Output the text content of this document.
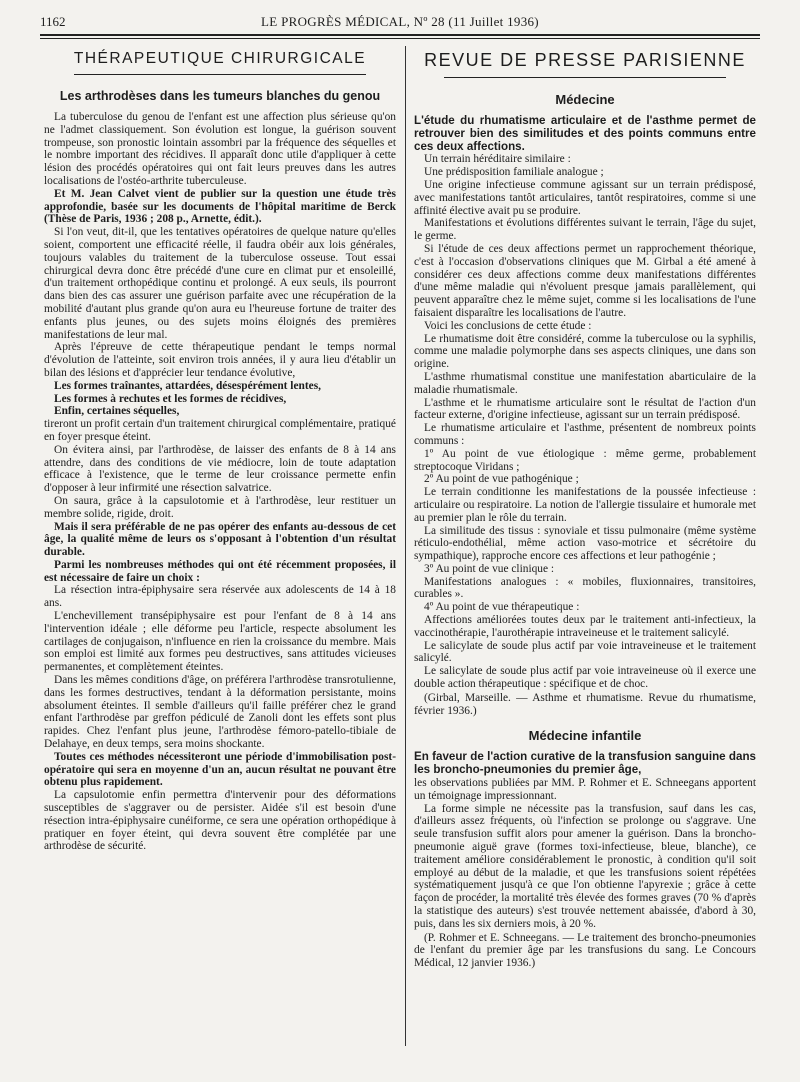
1162	LE PROGRÈS MÉDICAL, Nº 28 (11 Juillet 1936)
THÉRAPEUTIQUE CHIRURGICALE
Les arthrodèses dans les tumeurs blanches du genou

La tuberculose du genou de l'enfant est une affection plus sérieuse qu'on ne l'admet classiquement. Son évolution est longue, la guérison souvent trompeuse, son pronostic lointain assombri par la fréquence des séquelles et le nombre important des récidives. Il apparaît donc utile d'appliquer à cette lésion des procédés opératoires qui ont fait leurs preuves dans les autres localisations de l'ostéo-arthrite tuberculeuse.

Et M. Jean Calvet vient de publier sur la question une étude très approfondie, basée sur les documents de l'hôpital maritime de Berck (Thèse de Paris, 1936 ; 208 p., Arnette, édit.).

Si l'on veut, dit-il, que les tentatives opératoires de quelque nature qu'elles soient, comportent une efficacité réelle, il faudra obéir aux lois générales, toujours valables du traitement de la tuberculose osseuse. Tout essai chirurgical devra donc être précédé d'une cure en climat pur et ensoleillé, d'un traitement orthopédique continu et prolongé. A eux seuls, ils pourront dans bien des cas assurer une guérison parfaite avec une récupération de la mobilité d'autant plus grande qu'on aura eu l'heureuse fortune de traiter des enfants plus jeunes, ou des sujets moins éloignés des premières manifestations de leur mal.

Après l'épreuve de cette thérapeutique pendant le temps normal d'évolution de l'atteinte, soit environ trois années, il y aura lieu d'établir un bilan des lésions et d'apprécier leur tendance évolutive,

Les formes traînantes, attardées, désespérément lentes,

Les formes à rechutes et les formes de récidives,

Enfin, certaines séquelles,

tireront un profit certain d'un traitement chirurgical complémentaire, pratiqué en foyer presque éteint.

On évitera ainsi, par l'arthrodèse, de laisser des enfants de 8 à 14 ans attendre, dans des conditions de vie médiocre, loin de toute adaptation efficace à l'existence, que le terme de leur croissance permette enfin d'opposer à leur infirmité une résection salvatrice.

On saura, grâce à la capsulotomie et à l'arthrodèse, leur restituer un membre solide, rigide, droit.

Mais il sera préférable de ne pas opérer des enfants au-dessous de cet âge, la qualité même de leurs os s'opposant à l'obtention d'un résultat durable.

Parmi les nombreuses méthodes qui ont été récemment proposées, il est nécessaire de faire un choix :

La résection intra-épiphysaire sera réservée aux adolescents de 14 à 18 ans.

L'enchevillement transépiphysaire est pour l'enfant de 8 à 14 ans l'intervention idéale ; elle déforme peu l'article, respecte absolument les cartilages de conjugaison, n'influence en rien la croissance du membre. Mais son emploi est limité aux formes peu destructives, sans attitudes vicieuses permanentes, et complètement éteintes.

Dans les mêmes conditions d'âge, on préférera l'arthrodèse transrotulienne, dans les formes destructives, tendant à la déformation persistante, moins absolument éteintes. Il semble d'ailleurs qu'il faille préférer chez le grand enfant l'arthrodèse par greffon pédiculé de Zanoli dont les effets sont plus rapides. Chez l'enfant plus jeune, l'arthrodèse fémoro-patello-tibiale de Delahaye, en deux temps, sera moins shockante.

Toutes ces méthodes nécessiteront une période d'immobilisation post-opératoire qui sera en moyenne d'un an, aucun résultat ne pouvant être obtenu plus rapidement.

La capsulotomie enfin permettra d'intervenir pour des déformations susceptibles de s'aggraver ou de persister. Aidée s'il est besoin d'une résection intra-épiphysaire cunéiforme, ce sera une opération orthopédique à pratiquer en foyer éteint, qui devra souvent être complétée par une arthrodèse de sécurité.

REVUE DE PRESSE PARISIENNE
Médecine

L'étude du rhumatisme articulaire et de l'asthme permet de retrouver bien des similitudes et des points communs entre ces deux affections.

Un terrain héréditaire similaire :

Une prédisposition familiale analogue ;

Une origine infectieuse commune agissant sur un terrain prédisposé, avec manifestations tantôt articulaires, tantôt respiratoires, comme si une affinité élective avait pu se produire.

Manifestations et évolutions différentes suivant le terrain, l'âge du sujet, le germe.

Si l'étude de ces deux affections permet un rapprochement théorique, c'est à l'occasion d'observations cliniques que M. Girbal a été amené à considérer ces deux affections comme deux manifestations différentes d'une même maladie qui n'évoluent presque jamais parallèlement, qui peuvent apparaître chez le même sujet, comme si les localisations de l'une faisaient disparaître les localisations de l'autre.

Voici les conclusions de cette étude :

Le rhumatisme doit être considéré, comme la tuberculose ou la syphilis, comme une maladie polymorphe dans ses aspects cliniques, une dans son origine.

L'asthme rhumatismal constitue une manifestation abarticulaire de la maladie rhumatismale.

L'asthme et le rhumatisme articulaire sont le résultat de l'action d'un facteur externe, d'origine infectieuse, agissant sur un terrain prédisposé.

Le rhumatisme articulaire et l'asthme, présentent de nombreux points communs :

1º Au point de vue étiologique : même germe, probablement streptocoque Viridans ;

2º Au point de vue pathogénique ;

Le terrain conditionne les manifestations de la poussée infectieuse : articulaire ou respiratoire. La notion de l'allergie tissulaire et humorale met au premier plan le rôle du terrain.

La similitude des tissus : synoviale et tissu pulmonaire (même système réticulo-endothélial, même action vaso-motrice et sécrétoire du sympathique), rapproche encore ces affections et leur pathogénie ;

3º Au point de vue clinique :

Manifestations analogues : « mobiles, fluxionnaires, transitoires, curables ».

4º Au point de vue thérapeutique :

Affections améliorées toutes deux par le traitement anti-infectieux, la vaccinothérapie, l'aurothérapie intraveineuse et le traitement salicylé.

Le salicylate de soude plus actif par voie intraveineuse et le traitement salicylé.

Le salicylate de soude plus actif par voie intraveineuse où il exerce une double action thérapeutique : spécifique et de choc.

(Girbal, Marseille. — Asthme et rhumatisme. Revue du rhumatisme, février 1936.)

Médecine infantile

En faveur de l'action curative de la transfusion sanguine dans les broncho-pneumonies du premier âge,

les observations publiées par MM. P. Rohmer et E. Schneegans apportent un témoignage impressionnant.

La forme simple ne nécessite pas la transfusion, sauf dans les cas, d'ailleurs assez fréquents, où l'infection se prolonge ou s'aggrave. Une seule transfusion suffit alors pour amener la guérison. Dans la broncho-pneumonie aiguë grave (formes toxi-infectieuse, bleue, blanche), ce traitement améliore considérablement le pronostic, à condition qu'il soit employé au début de la maladie, et que les transfusions soient répétées systématiquement jusqu'à ce que l'on obtienne l'apyrexie ; grâce à cette façon de procéder, la mortalité très élevée des formes graves (70 % d'après la statistique des auteurs) s'est trouvée nettement abaissée, d'abord à 30, puis, dans les six derniers mois, à 20 %.

(P. Rohmer et E. Schneegans. — Le traitement des broncho-pneumonies de l'enfant du premier âge par les transfusions du sang. Le Concours Médical, 12 janvier 1936.)
